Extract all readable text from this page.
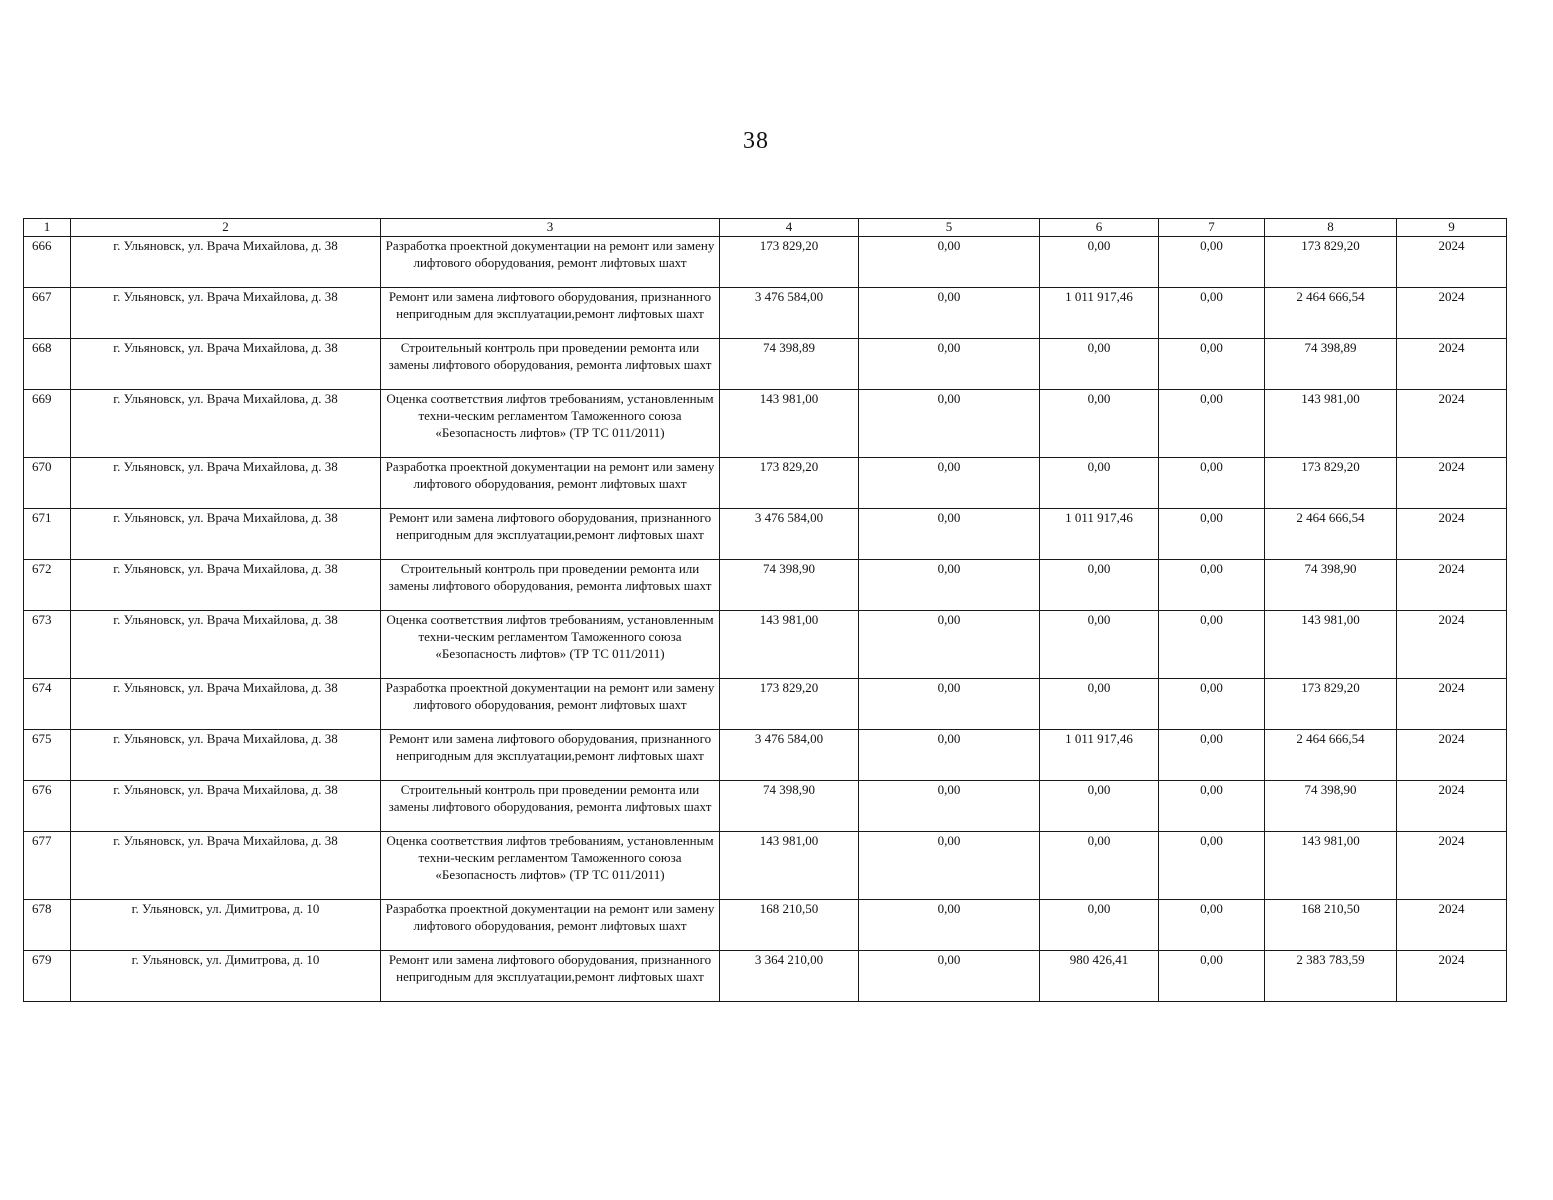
38
1	2	3	4	5	6	7	8	9
666	г. Ульяновск, ул. Врача Михайлова, д. 38	Разработка проектной документации на ремонт или замену лифтового оборудования, ремонт лифтовых шахт	173 829,20	0,00	0,00	0,00	173 829,20	2024
667	г. Ульяновск, ул. Врача Михайлова, д. 38	Ремонт или замена лифтового оборудования, признанного непригодным для эксплуатации,ремонт лифтовых шахт	3 476 584,00	0,00	1 011 917,46	0,00	2 464 666,54	2024
668	г. Ульяновск, ул. Врача Михайлова, д. 38	Строительный контроль при проведении ремонта или замены лифтового оборудования, ремонта лифтовых шахт	74 398,89	0,00	0,00	0,00	74 398,89	2024
669	г. Ульяновск, ул. Врача Михайлова, д. 38	Оценка соответствия лифтов требованиям, установленным техни-ческим регламентом Таможенного союза «Безопасность лифтов» (ТР ТС 011/2011)	143 981,00	0,00	0,00	0,00	143 981,00	2024
670	г. Ульяновск, ул. Врача Михайлова, д. 38	Разработка проектной документации на ремонт или замену лифтового оборудования, ремонт лифтовых шахт	173 829,20	0,00	0,00	0,00	173 829,20	2024
671	г. Ульяновск, ул. Врача Михайлова, д. 38	Ремонт или замена лифтового оборудования, признанного непригодным для эксплуатации,ремонт лифтовых шахт	3 476 584,00	0,00	1 011 917,46	0,00	2 464 666,54	2024
672	г. Ульяновск, ул. Врача Михайлова, д. 38	Строительный контроль при проведении ремонта или замены лифтового оборудования, ремонта лифтовых шахт	74 398,90	0,00	0,00	0,00	74 398,90	2024
673	г. Ульяновск, ул. Врача Михайлова, д. 38	Оценка соответствия лифтов требованиям, установленным техни-ческим регламентом Таможенного союза «Безопасность лифтов» (ТР ТС 011/2011)	143 981,00	0,00	0,00	0,00	143 981,00	2024
674	г. Ульяновск, ул. Врача Михайлова, д. 38	Разработка проектной документации на ремонт или замену лифтового оборудования, ремонт лифтовых шахт	173 829,20	0,00	0,00	0,00	173 829,20	2024
675	г. Ульяновск, ул. Врача Михайлова, д. 38	Ремонт или замена лифтового оборудования, признанного непригодным для эксплуатации,ремонт лифтовых шахт	3 476 584,00	0,00	1 011 917,46	0,00	2 464 666,54	2024
676	г. Ульяновск, ул. Врача Михайлова, д. 38	Строительный контроль при проведении ремонта или замены лифтового оборудования, ремонта лифтовых шахт	74 398,90	0,00	0,00	0,00	74 398,90	2024
677	г. Ульяновск, ул. Врача Михайлова, д. 38	Оценка соответствия лифтов требованиям, установленным техни-ческим регламентом Таможенного союза «Безопасность лифтов» (ТР ТС 011/2011)	143 981,00	0,00	0,00	0,00	143 981,00	2024
678	г. Ульяновск, ул. Димитрова, д. 10	Разработка проектной документации на ремонт или замену лифтового оборудования, ремонт лифтовых шахт	168 210,50	0,00	0,00	0,00	168 210,50	2024
679	г. Ульяновск, ул. Димитрова, д. 10	Ремонт или замена лифтового оборудования, признанного непригодным для эксплуатации,ремонт лифтовых шахт	3 364 210,00	0,00	980 426,41	0,00	2 383 783,59	2024
